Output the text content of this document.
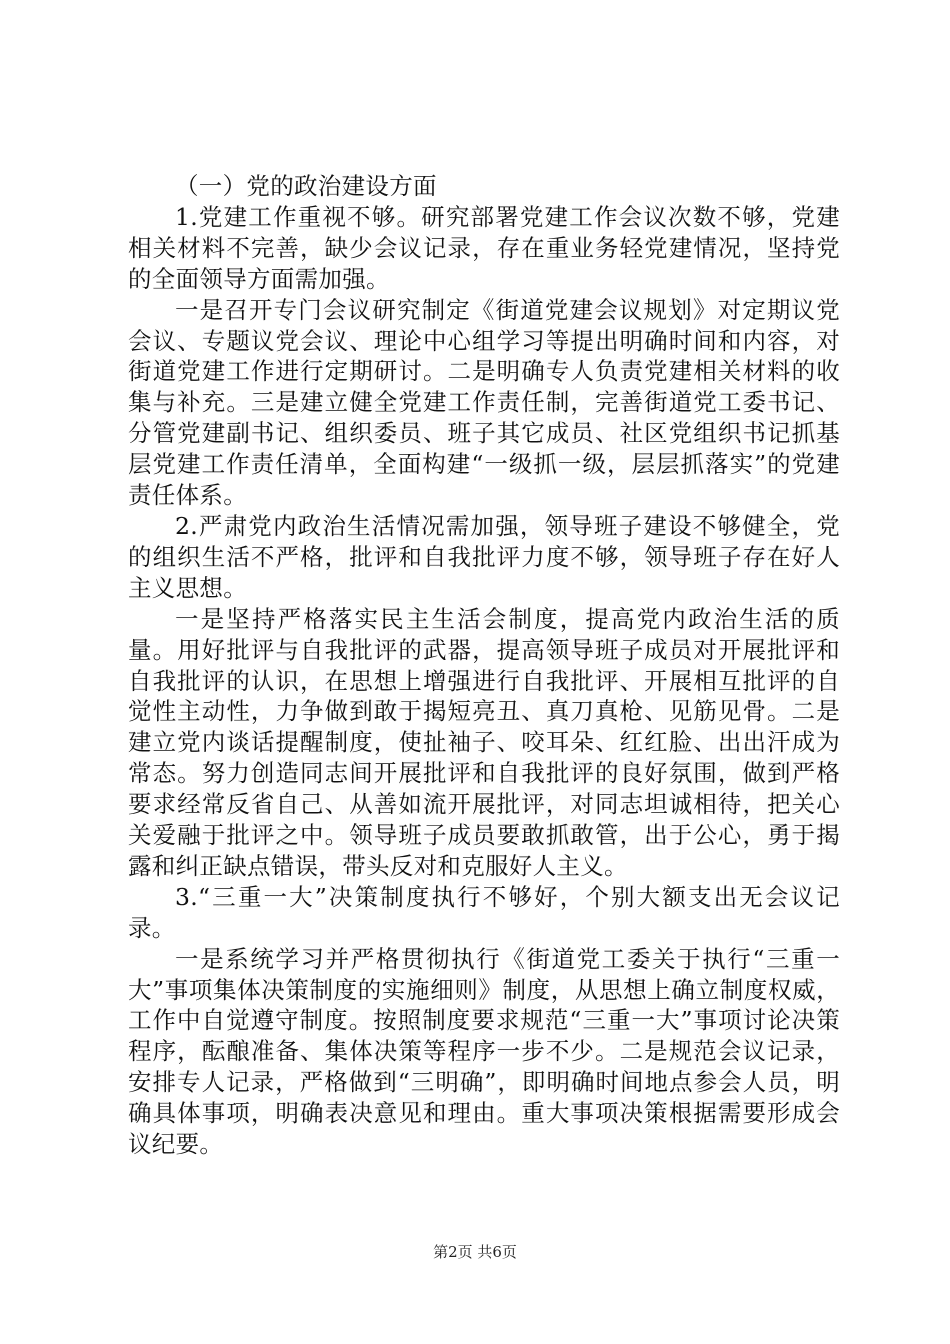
（一）党的政治建设方面

1.党建工作重视不够。研究部署党建工作会议次数不够，党建相关材料不完善，缺少会议记录，存在重业务轻党建情况，坚持党的全面领导方面需加强。

一是召开专门会议研究制定《街道党建会议规划》对定期议党会议、专题议党会议、理论中心组学习等提出明确时间和内容，对街道党建工作进行定期研讨。二是明确专人负责党建相关材料的收集与补充。三是建立健全党建工作责任制，完善街道党工委书记、分管党建副书记、组织委员、班子其它成员、社区党组织书记抓基层党建工作责任清单，全面构建“一级抓一级，层层抓落实”的党建责任体系。

2.严肃党内政治生活情况需加强，领导班子建设不够健全，党的组织生活不严格，批评和自我批评力度不够，领导班子存在好人主义思想。

一是坚持严格落实民主生活会制度，提高党内政治生活的质量。用好批评与自我批评的武器，提高领导班子成员对开展批评和自我批评的认识，在思想上增强进行自我批评、开展相互批评的自觉性主动性，力争做到敢于揭短亮丑、真刀真枪、见筋见骨。二是建立党内谈话提醒制度，使扯袖子、咬耳朵、红红脸、出出汗成为常态。努力创造同志间开展批评和自我批评的良好氛围，做到严格要求经常反省自己、从善如流开展批评，对同志坦诚相待，把关心关爱融于批评之中。领导班子成员要敢抓敢管，出于公心，勇于揭露和纠正缺点错误，带头反对和克服好人主义。

3.“三重一大”决策制度执行不够好，个别大额支出无会议记录。

一是系统学习并严格贯彻执行《街道党工委关于执行“三重一大”事项集体决策制度的实施细则》制度，从思想上确立制度权威，工作中自觉遵守制度。按照制度要求规范“三重一大”事项讨论决策程序，酝酿准备、集体决策等程序一步不少。二是规范会议记录，安排专人记录，严格做到“三明确”，即明确时间地点参会人员，明确具体事项，明确表决意见和理由。重大事项决策根据需要形成会议纪要。

第2页 共6页
